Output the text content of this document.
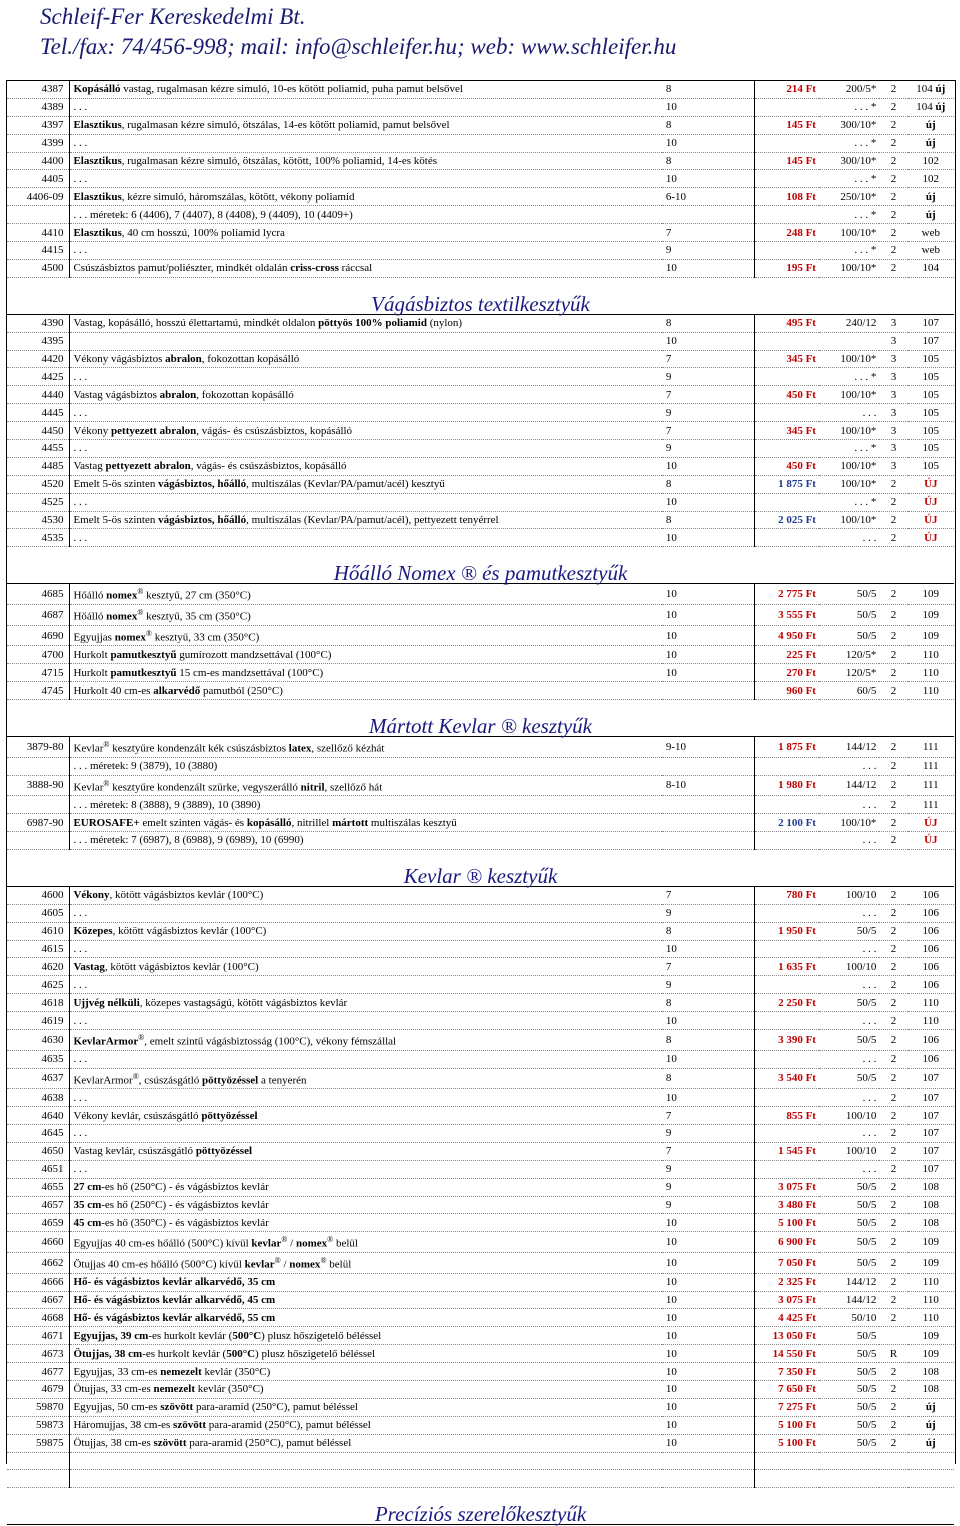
Schleif-Fer Kereskedelmi Bt.
Tel./fax: 74/456-998; mail: info@schleifer.hu; web: www.schleifer.hu
4387	Kopásálló vastag, rugalmasan kézre simuló, 10-es kötött poliamid, puha pamut belsővel	8	214 Ft	200/5*	2	104 új
4389	. . .	10		. . . *	2	104 új
4397	Elasztikus, rugalmasan kézre simuló, ötszálas, 14-es kötött poliamid, pamut belsővel	8	145 Ft	300/10*	2	új
4399	. . .	10		. . . *	2	új
4400	Elasztikus, rugalmasan kézre simuló, ötszálas, kötött, 100% poliamid, 14-es kötés	8	145 Ft	300/10*	2	102
4405	. . .	10		. . . *	2	102
4406-09	Elasztikus, kézre simuló, háromszálas, kötött, vékony poliamid	6-10	108 Ft	250/10*	2	új
	. . . méretek: 6 (4406), 7 (4407), 8 (4408), 9 (4409), 10 (4409+)			. . . *	2	új
4410	Elasztikus, 40 cm hosszú, 100% poliamid lycra	7	248 Ft	100/10*	2	web
4415	. . .	9		. . . *	2	web
4500	Csúszásbiztos pamut/poliészter, mindkét oldalán criss-cross ráccsal	10	195 Ft	100/10*	2	104
Vágásbiztos textilkesztyűk						
4390	Vastag, kopásálló, hosszú élettartamú, mindkét oldalon pöttyös 100% poliamid (nylon)	8	495 Ft	240/12	3	107
4395		10			3	107
4420	Vékony vágásbiztos abralon, fokozottan kopásálló	7	345 Ft	100/10*	3	105
4425	. . .	9		. . . *	3	105
4440	Vastag vágásbiztos abralon, fokozottan kopásálló	7	450 Ft	100/10*	3	105
4445	. . .	9		. . .	3	105
4450	Vékony pettyezett abralon, vágás- és csúszásbiztos, kopásálló	7	345 Ft	100/10*	3	105
4455	. . .	9		. . . *	3	105
4485	Vastag pettyezett abralon, vágás- és csúszásbiztos, kopásálló	10	450 Ft	100/10*	3	105
4520	Emelt 5-ös szinten vágásbiztos, hőálló, multiszálas (Kevlar/PA/pamut/acél) kesztyű	8	1 875 Ft	100/10*	2	ÚJ
4525	. . .	10		. . . *	2	ÚJ
4530	Emelt 5-ös szinten vágásbiztos, hőálló, multiszálas (Kevlar/PA/pamut/acél), pettyezett tenyérrel	8	2 025 Ft	100/10*	2	ÚJ
4535	. . .	10		. . .	2	ÚJ
Hőálló Nomex ® és pamutkesztyűk						
4685	Hőálló nomex® kesztyű, 27 cm (350°C)	10	2 775 Ft	50/5	2	109
4687	Hőálló nomex® kesztyű, 35 cm (350°C)	10	3 555 Ft	50/5	2	109
4690	Egyujjas nomex® kesztyű, 33 cm (350°C)	10	4 950 Ft	50/5	2	109
4700	Hurkolt pamutkesztyű gumírozott mandzsettával (100°C)	10	225 Ft	120/5*	2	110
4715	Hurkolt pamutkesztyű 15 cm-es mandzsettával (100°C)	10	270 Ft	120/5*	2	110
4745	Hurkolt 40 cm-es alkarvédő pamutból (250°C)		960 Ft	60/5	2	110
Mártott Kevlar ® kesztyűk						
3879-80	Kevlar® kesztyűre kondenzált kék csúszásbiztos latex, szellőző kézhát	9-10	1 875 Ft	144/12	2	111
	. . . méretek: 9 (3879), 10 (3880)			. . .	2	111
3888-90	Kevlar® kesztyűre kondenzált szürke, vegyszerálló nitril, szellőző hát	8-10	1 980 Ft	144/12	2	111
	. . . méretek: 8 (3888), 9 (3889), 10 (3890)			. . .	2	111
6987-90	EUROSAFE+ emelt szinten vágás- és kopásálló, nitrillel mártott multiszálas kesztyű		2 100 Ft	100/10*	2	ÚJ
	. . . méretek: 7 (6987), 8 (6988), 9 (6989), 10 (6990)			. . .	2	ÚJ
Kevlar ® kesztyűk						
4600	Vékony, kötött vágásbiztos kevlár (100°C)	7	780 Ft	100/10	2	106
4605	. . .	9		. . .	2	106
4610	Közepes, kötött vágásbiztos kevlár (100°C)	8	1 950 Ft	50/5	2	106
4615	. . .	10		. . .	2	106
4620	Vastag, kötött vágásbiztos kevlár (100°C)	7	1 635 Ft	100/10	2	106
4625	. . .	9		. . .	2	106
4618	Ujjvég nélküli, közepes vastagságú, kötött vágásbiztos kevlár	8	2 250 Ft	50/5	2	110
4619	. . .	10		. . .	2	110
4630	KevlarArmor®, emelt szintű vágásbiztosság (100°C), vékony fémszállal	8	3 390 Ft	50/5	2	106
4635	. . .	10		. . .	2	106
4637	KevlarArmor®, csúszásgátló pöttyözéssel a tenyerén	8	3 540 Ft	50/5	2	107
4638	. . .	10		. . .	2	107
4640	Vékony kevlár, csúszásgátló pöttyözéssel	7	855 Ft	100/10	2	107
4645	. . .	9		. . .	2	107
4650	Vastag kevlár, csúszásgátló pöttyözéssel	7	1 545 Ft	100/10	2	107
4651	. . .	9		. . .	2	107
4655	27 cm-es hő (250°C) - és vágásbiztos kevlár	9	3 075 Ft	50/5	2	108
4657	35 cm-es hő (250°C) - és vágásbiztos kevlár	9	3 480 Ft	50/5	2	108
4659	45 cm-es hő (350°C) - és vágásbiztos kevlár	10	5 100 Ft	50/5	2	108
4660	Egyujjas 40 cm-es hőálló (500°C) kívül kevlar® / nomex® belül	10	6 900 Ft	50/5	2	109
4662	Ötujjas 40 cm-es hőálló (500°C) kívül kevlar® / nomex® belül	10	7 050 Ft	50/5	2	109
4666	Hő- és vágásbiztos kevlár alkarvédő, 35 cm	10	2 325 Ft	144/12	2	110
4667	Hő- és vágásbiztos kevlár alkarvédő, 45 cm	10	3 075 Ft	144/12	2	110
4668	Hő- és vágásbiztos kevlár alkarvédő, 55 cm	10	4 425 Ft	50/10	2	110
4671	Egyujjas, 39 cm-es hurkolt kevlár (500°C) plusz hőszigetelő béléssel	10	13 050 Ft	50/5		109
4673	Ötujjas, 38 cm-es hurkolt kevlár (500°C) plusz hőszigetelő béléssel	10	14 550 Ft	50/5	R	109
4677	Egyujjas, 33 cm-es nemezelt kevlár (350°C)	10	7 350 Ft	50/5	2	108
4679	Ötujjas, 33 cm-es nemezelt kevlár (350°C)	10	7 650 Ft	50/5	2	108
59870	Egyujjas, 50 cm-es szövött para-aramid (250°C), pamut béléssel	10	7 275 Ft	50/5	2	új
59873	Háromujjas, 38 cm-es szövött para-aramid (250°C), pamut béléssel	10	5 100 Ft	50/5	2	új
59875	Ötujjas, 38 cm-es szövött para-aramid (250°C), pamut béléssel	10	5 100 Ft	50/5	2	új

Precíziós szerelőkesztyűk						
